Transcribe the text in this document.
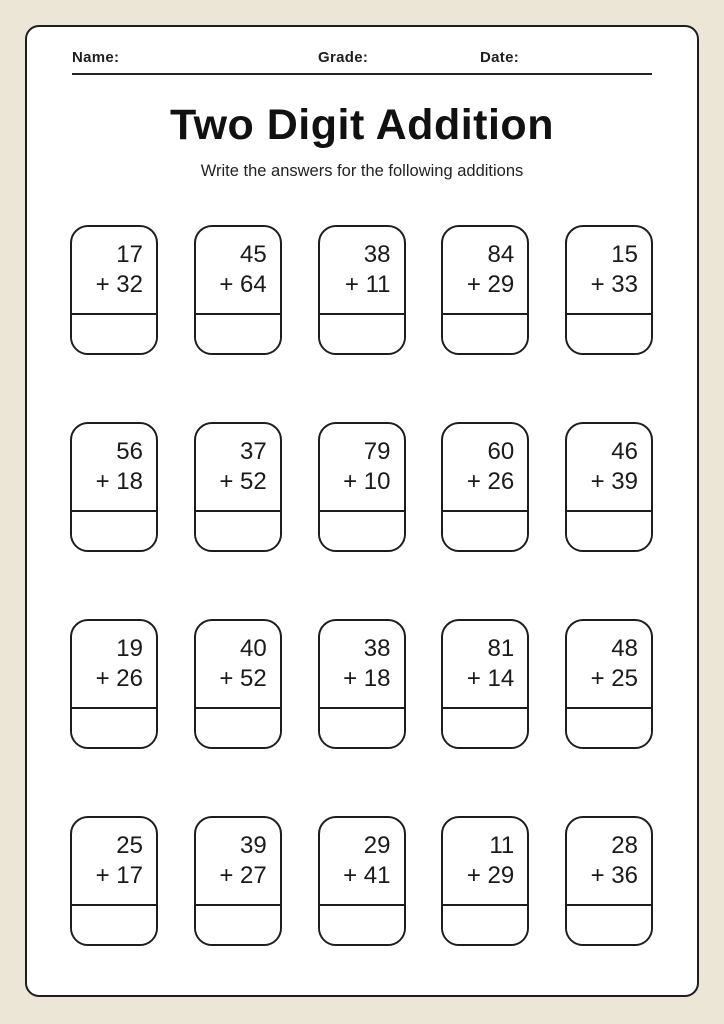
Name:	Grade:	Date:
Two Digit Addition
Write the answers for the following additions
17
+ 32
45
+ 64
38
+ 11
84
+ 29
15
+ 33
56
+ 18
37
+ 52
79
+ 10
60
+ 26
46
+ 39
19
+ 26
40
+ 52
38
+ 18
81
+ 14
48
+ 25
25
+ 17
39
+ 27
29
+ 41
11
+ 29
28
+ 36
